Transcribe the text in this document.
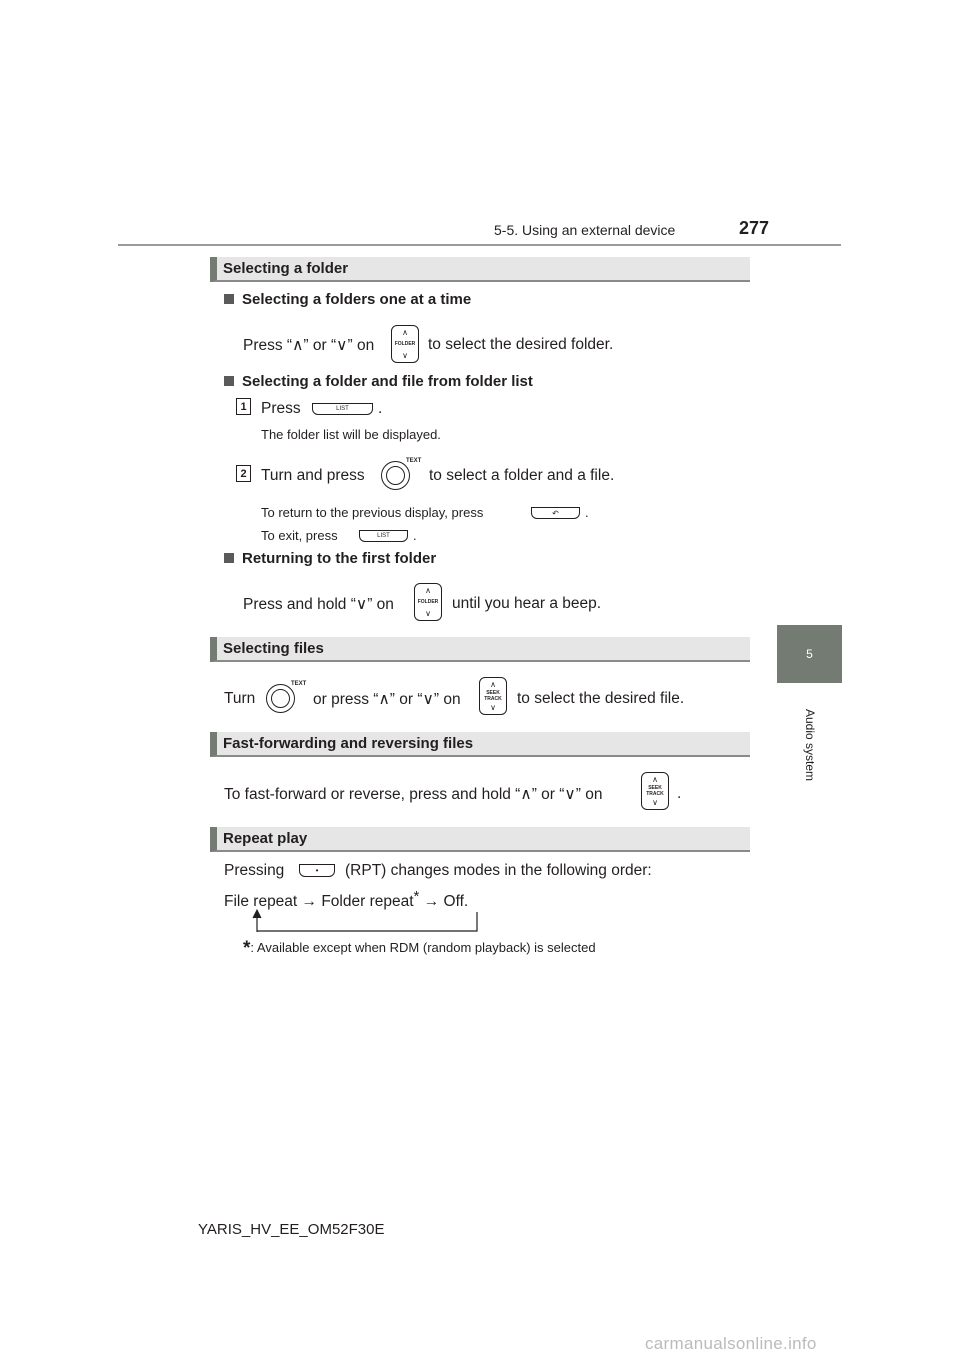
5-5. Using an external device	277
5
Audio system
Selecting a folder
Selecting a folders one at a time
Press “∧” or “∨” on
∧
FOLDER
∨
to select the desired folder.
Selecting a folder and file from folder list
1 Press	LIST .
The folder list will be displayed.
2 Turn and press
TEXT
to select a folder and a file.
To return to the previous display, press	↶ .
To exit, press	LIST .
Returning to the first folder
Press and hold “∨” on
∧
FOLDER
∨
until you hear a beep.
Selecting files
Turn
TEXT
or press “∧” or “∨” on
∧
SEEK
TRACK
∨
to select the desired file.
Fast-forwarding and reversing files
To fast-forward or reverse, press and hold “∧” or “∨” on
∧
SEEK
TRACK
∨
.
Repeat play
Pressing	• (RPT) changes modes in the following order:
File repeat → Folder repeat* → Off.
*: Available except when RDM (random playback) is selected
YARIS_HV_EE_OM52F30E
carmanualsonline.info
